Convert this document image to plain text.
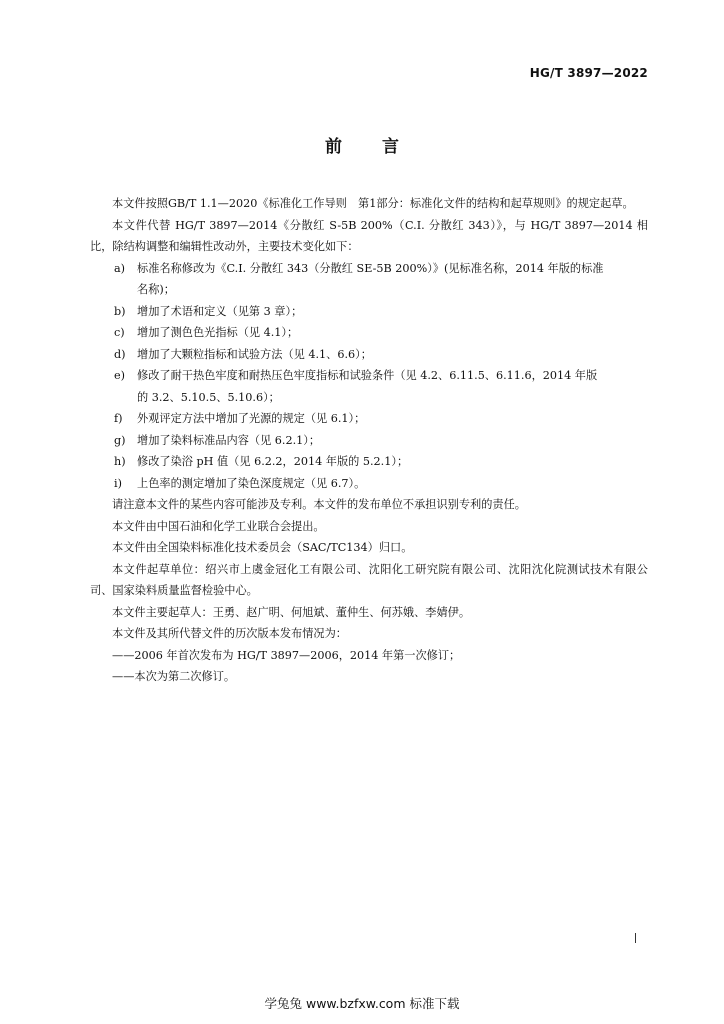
HG/T 3897—2022
前言

本文件按照GB/T 1.1—2020《标准化工作导则　第1部分：标准化文件的结构和起草规则》的规定起草。

本文件代替 HG/T 3897—2014《分散红 S-5B 200%（C.I. 分散红 343）》，与 HG/T 3897—2014 相比，除结构调整和编辑性改动外，主要技术变化如下：

a)	标准名称修改为《C.I. 分散红 343（分散红 SE-5B 200%）》(见标准名称，2014 年版的标准

名称)；

b)	增加了术语和定义（见第 3 章）；
c)	增加了测色色光指标（见 4.1）；
d)	增加了大颗粒指标和试验方法（见 4.1、6.6）；
e)	修改了耐干热色牢度和耐热压色牢度指标和试验条件（见 4.2、6.11.5、6.11.6，2014 年版

的 3.2、5.10.5、5.10.6）；

f)	外观评定方法中增加了光源的规定（见 6.1）；
g)	增加了染料标准品内容（见 6.2.1）；
h)	修改了染浴 pH 值（见 6.2.2，2014 年版的 5.2.1）；
i)	上色率的测定增加了染色深度规定（见 6.7）。

请注意本文件的某些内容可能涉及专利。本文件的发布单位不承担识别专利的责任。

本文件由中国石油和化学工业联合会提出。

本文件由全国染料标准化技术委员会（SAC/TC134）归口。

本文件起草单位：绍兴市上虞金冠化工有限公司、沈阳化工研究院有限公司、沈阳沈化院测试技术有限公司、国家染料质量监督检验中心。

本文件主要起草人：王勇、赵广明、何旭斌、董仲生、何苏娥、李婧伊。

本文件及其所代替文件的历次版本发布情况为：

——2006 年首次发布为 HG/T 3897—2006，2014 年第一次修订；

——本次为第二次修订。

学兔兔 www.bzfxw.com 标准下载
